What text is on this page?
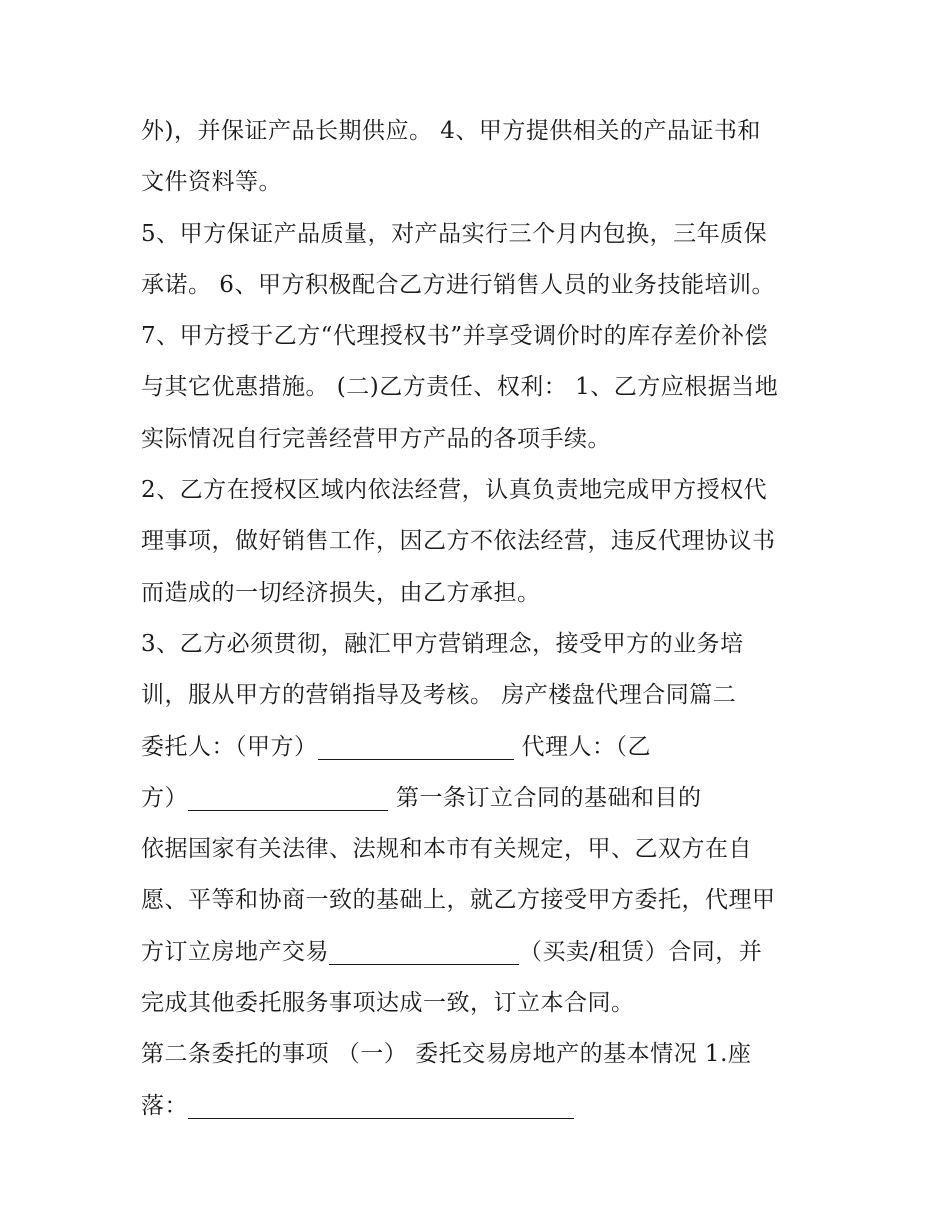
外)，并保证产品长期供应。 4、甲方提供相关的产品证书和
文件资料等。
5、甲方保证产品质量，对产品实行三个月内包换，三年质保
承诺。 6、甲方积极配合乙方进行销售人员的业务技能培训。
7、甲方授于乙方“代理授权书”并享受调价时的库存差价补偿
与其它优惠措施。 (二)乙方责任、权利： 1、乙方应根据当地
实际情况自行完善经营甲方产品的各项手续。
2、乙方在授权区域内依法经营，认真负责地完成甲方授权代
理事项，做好销售工作，因乙方不依法经营，违反代理协议书
而造成的一切经济损失，由乙方承担。
3、乙方必须贯彻，融汇甲方营销理念，接受甲方的业务培
训，服从甲方的营销指导及考核。 房产楼盘代理合同篇二
委托人：（甲方）	代理人：（乙
方）	第一条订立合同的基础和目的
依据国家有关法律、法规和本市有关规定，甲、乙双方在自
愿、平等和协商一致的基础上，就乙方接受甲方委托，代理甲
方订立房地产交易	（买卖/租赁）合同，并
完成其他委托服务事项达成一致，订立本合同。
第二条委托的事项 （一） 委托交易房地产的基本情况 1.座
落：
